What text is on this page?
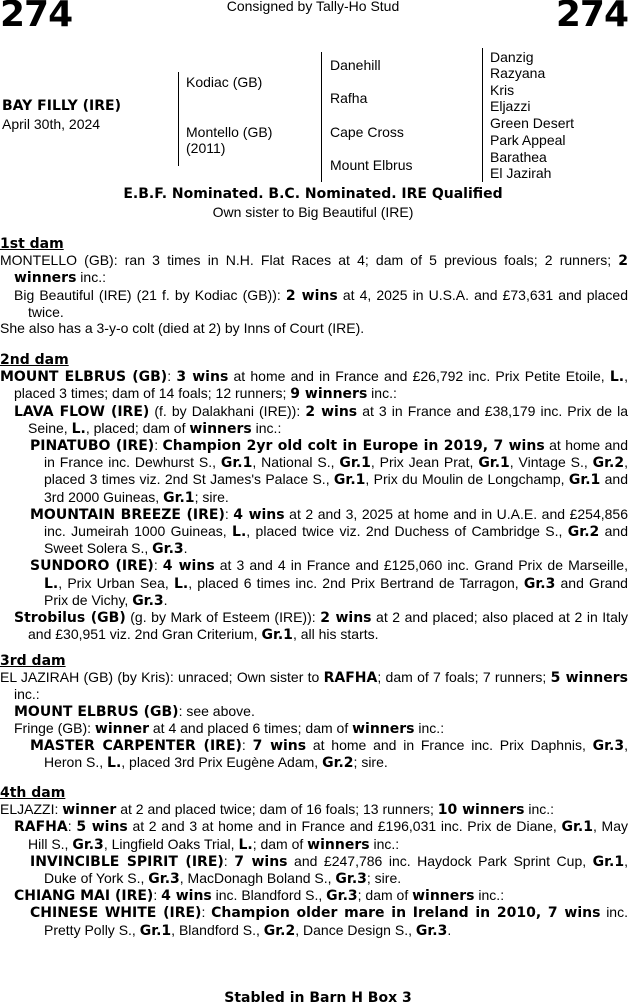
274	Consigned by Tally-Ho Stud	274
BAY FILLY (IRE)
April 30th, 2024
Kodiac (GB)
Montello (GB)
(2011)
Danehill
Rafha
Cape Cross
Mount Elbrus
Danzig
Razyana
Kris
Eljazzi
Green Desert
Park Appeal
Barathea
El Jazirah
E.B.F. Nominated. B.C. Nominated. IRE Qualified
Own sister to Big Beautiful (IRE)
1st dam

MONTELLO (GB): ran 3 times in N.H. Flat Races at 4; dam of 5 previous foals; 2 runners; 2 winners inc.:

Big Beautiful (IRE) (21 f. by Kodiac (GB)): 2 wins at 4, 2025 in U.S.A. and £73,631 and placed twice.

She also has a 3-y-o colt (died at 2) by Inns of Court (IRE).

2nd dam

MOUNT ELBRUS (GB): 3 wins at home and in France and £26,792 inc. Prix Petite Etoile, L., placed 3 times; dam of 14 foals; 12 runners; 9 winners inc.:

LAVA FLOW (IRE) (f. by Dalakhani (IRE)): 2 wins at 3 in France and £38,179 inc. Prix de la Seine, L., placed; dam of winners inc.:

PINATUBO (IRE): Champion 2yr old colt in Europe in 2019, 7 wins at home and in France inc. Dewhurst S., Gr.1, National S., Gr.1, Prix Jean Prat, Gr.1, Vintage S., Gr.2, placed 3 times viz. 2nd St James's Palace S., Gr.1, Prix du Moulin de Longchamp, Gr.1 and 3rd 2000 Guineas, Gr.1; sire.

MOUNTAIN BREEZE (IRE): 4 wins at 2 and 3, 2025 at home and in U.A.E. and £254,856 inc. Jumeirah 1000 Guineas, L., placed twice viz. 2nd Duchess of Cambridge S., Gr.2 and Sweet Solera S., Gr.3.

SUNDORO (IRE): 4 wins at 3 and 4 in France and £125,060 inc. Grand Prix de Marseille, L., Prix Urban Sea, L., placed 6 times inc. 2nd Prix Bertrand de Tarragon, Gr.3 and Grand Prix de Vichy, Gr.3.

Strobilus (GB) (g. by Mark of Esteem (IRE)): 2 wins at 2 and placed; also placed at 2 in Italy and £30,951 viz. 2nd Gran Criterium, Gr.1, all his starts.

3rd dam

EL JAZIRAH (GB) (by Kris): unraced; Own sister to RAFHA; dam of 7 foals; 7 runners; 5 winners inc.:

MOUNT ELBRUS (GB): see above.

Fringe (GB): winner at 4 and placed 6 times; dam of winners inc.:

MASTER CARPENTER (IRE): 7 wins at home and in France inc. Prix Daphnis, Gr.3, Heron S., L., placed 3rd Prix Eugène Adam, Gr.2; sire.

4th dam

ELJAZZI: winner at 2 and placed twice; dam of 16 foals; 13 runners; 10 winners inc.:

RAFHA: 5 wins at 2 and 3 at home and in France and £196,031 inc. Prix de Diane, Gr.1, May Hill S., Gr.3, Lingfield Oaks Trial, L.; dam of winners inc.:

INVINCIBLE SPIRIT (IRE): 7 wins and £247,786 inc. Haydock Park Sprint Cup, Gr.1, Duke of York S., Gr.3, MacDonagh Boland S., Gr.3; sire.

CHIANG MAI (IRE): 4 wins inc. Blandford S., Gr.3; dam of winners inc.:

CHINESE WHITE (IRE): Champion older mare in Ireland in 2010, 7 wins inc. Pretty Polly S., Gr.1, Blandford S., Gr.2, Dance Design S., Gr.3.

Stabled in Barn H Box 3
